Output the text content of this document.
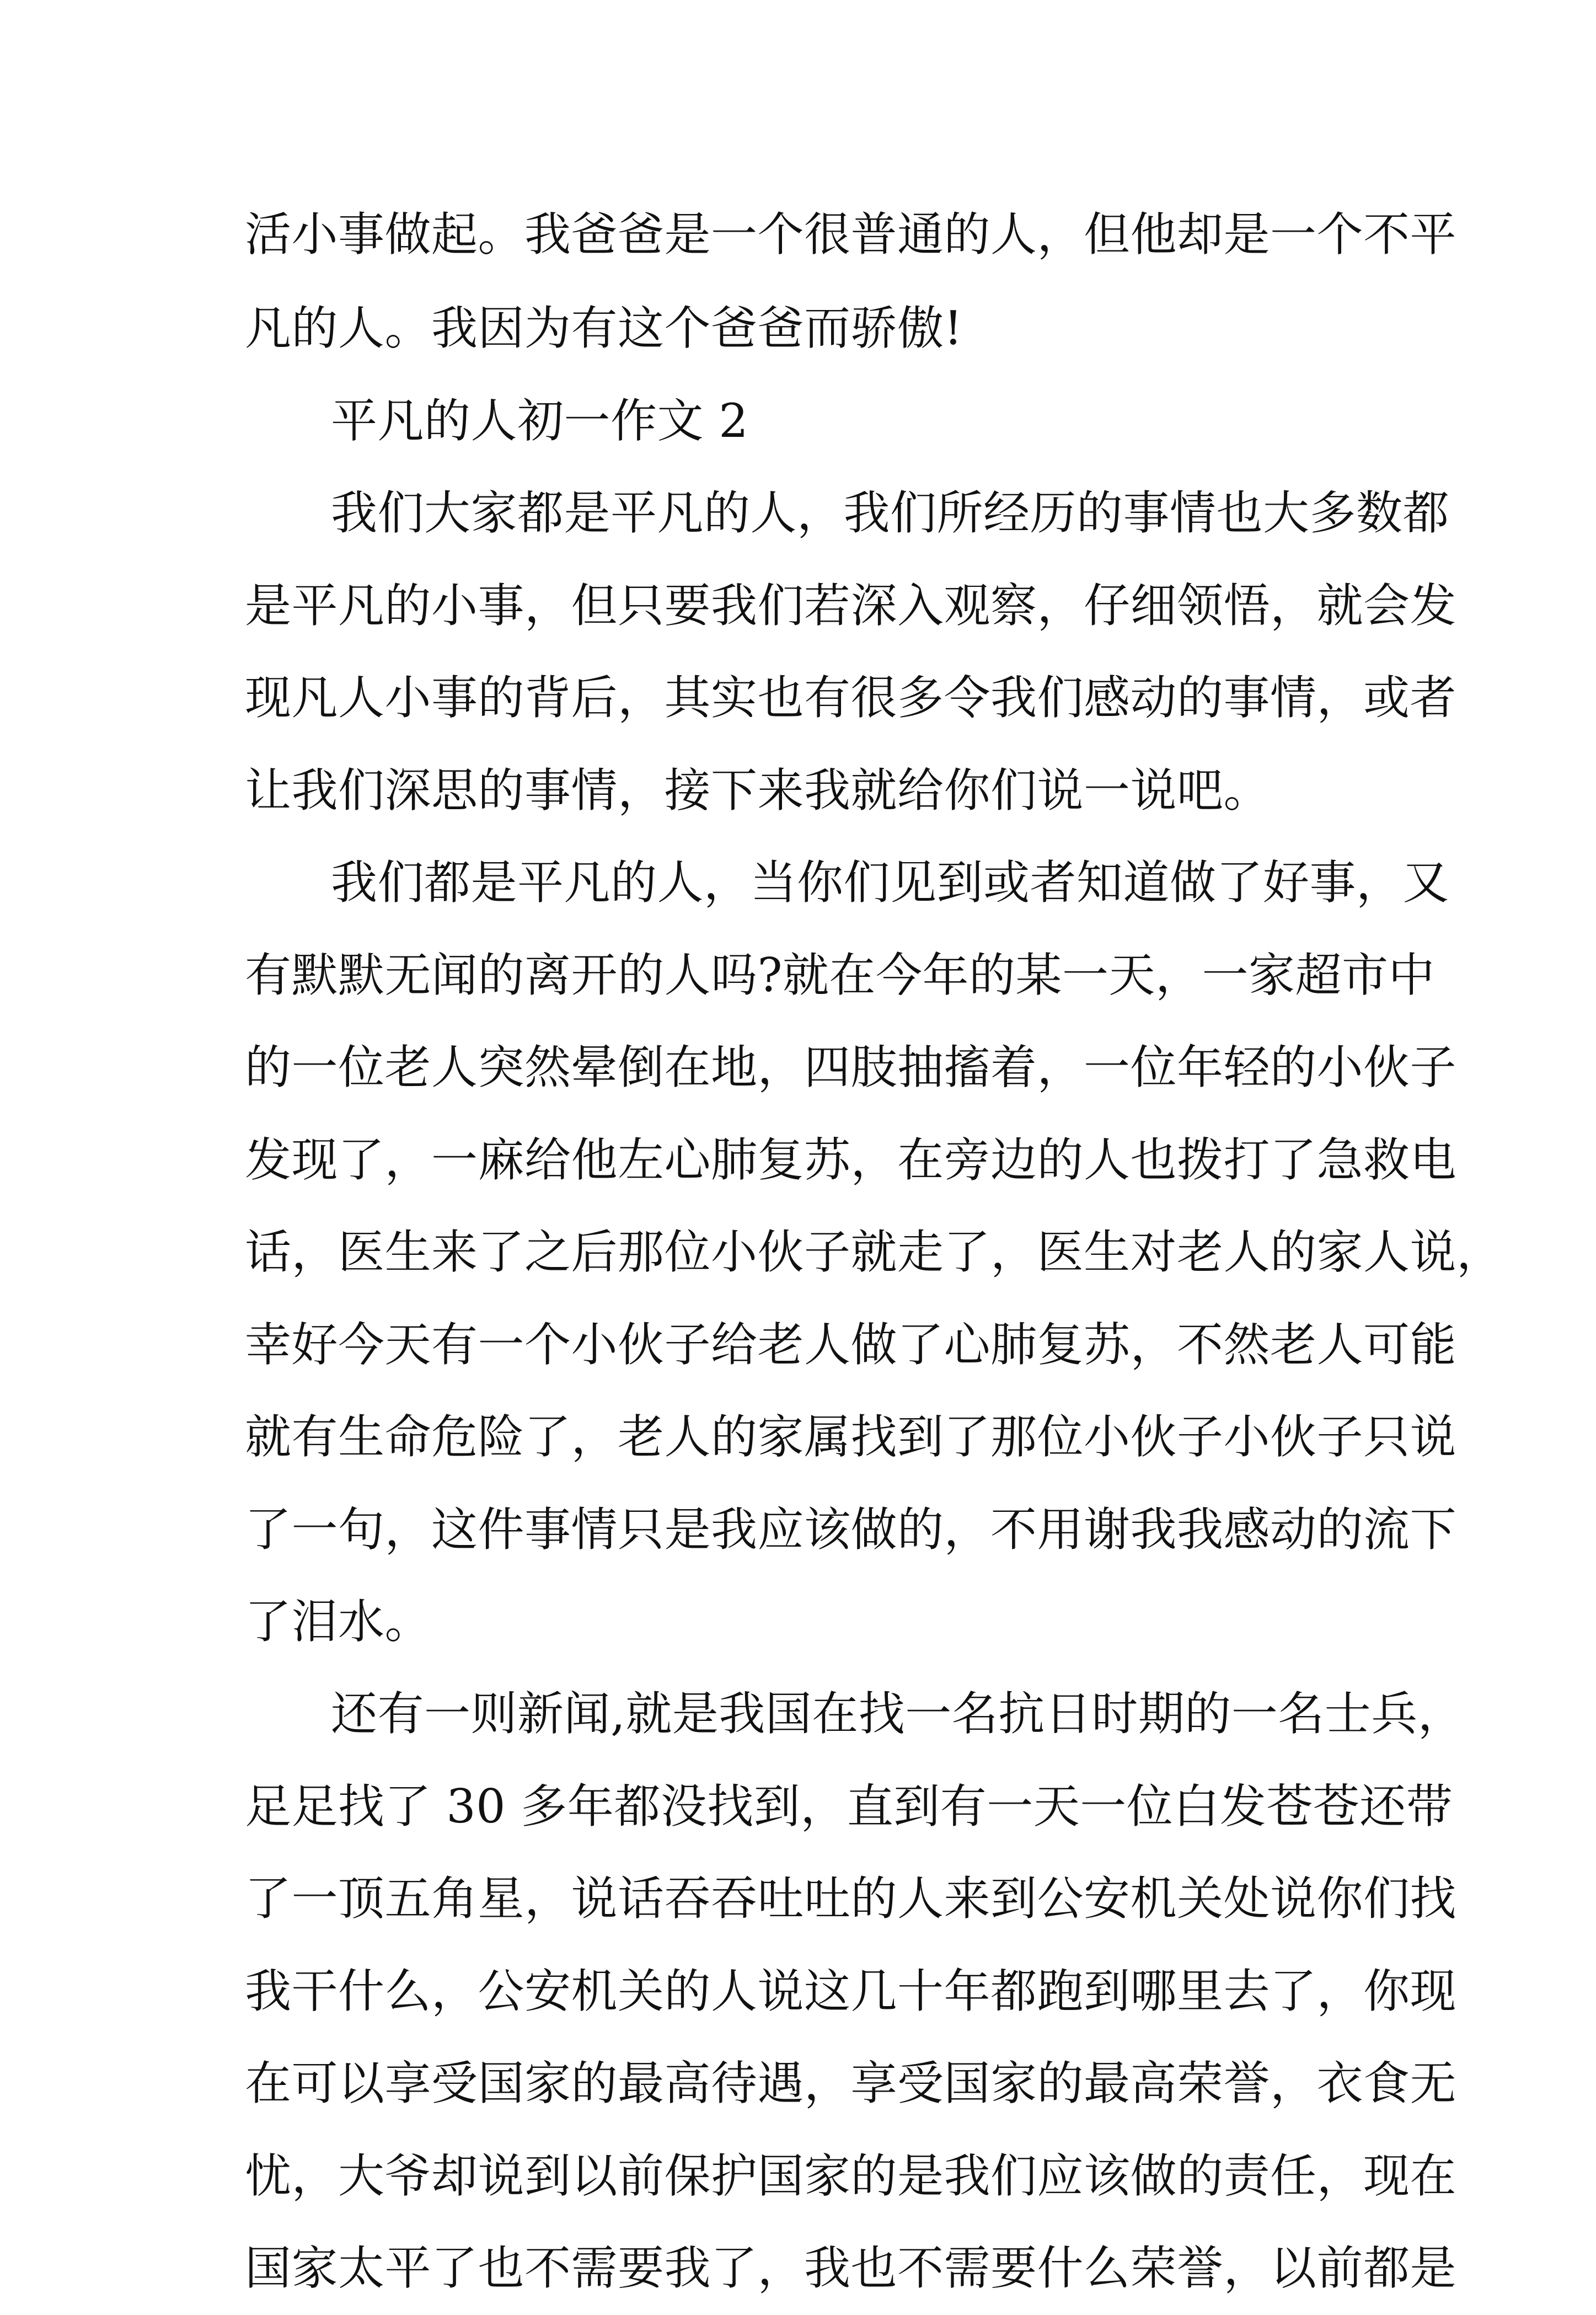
活小事做起。我爸爸是一个很普通的人，但他却是一个不平
凡的人。我因为有这个爸爸而骄傲!
平凡的人初一作文 2
我们大家都是平凡的人，我们所经历的事情也大多数都
是平凡的小事，但只要我们若深入观察，仔细领悟，就会发
现凡人小事的背后，其实也有很多令我们感动的事情，或者
让我们深思的事情，接下来我就给你们说一说吧。
我们都是平凡的人，当你们见到或者知道做了好事，又
有默默无闻的离开的人吗?就在今年的某一天，一家超市中
的一位老人突然晕倒在地，四肢抽搐着，一位年轻的小伙子
发现了，一麻给他左心肺复苏，在旁边的人也拨打了急救电
话，医生来了之后那位小伙子就走了，医生对老人的家人说，
幸好今天有一个小伙子给老人做了心肺复苏，不然老人可能
就有生命危险了，老人的家属找到了那位小伙子小伙子只说
了一句，这件事情只是我应该做的，不用谢我我感动的流下
了泪水。
还有一则新闻,就是我国在找一名抗日时期的一名士兵，
足足找了 30 多年都没找到，直到有一天一位白发苍苍还带
了一顶五角星，说话吞吞吐吐的人来到公安机关处说你们找
我干什么，公安机关的人说这几十年都跑到哪里去了，你现
在可以享受国家的最高待遇，享受国家的最高荣誉，衣食无
忧，大爷却说到以前保护国家的是我们应该做的责任，现在
国家太平了也不需要我了，我也不需要什么荣誉，以前都是
